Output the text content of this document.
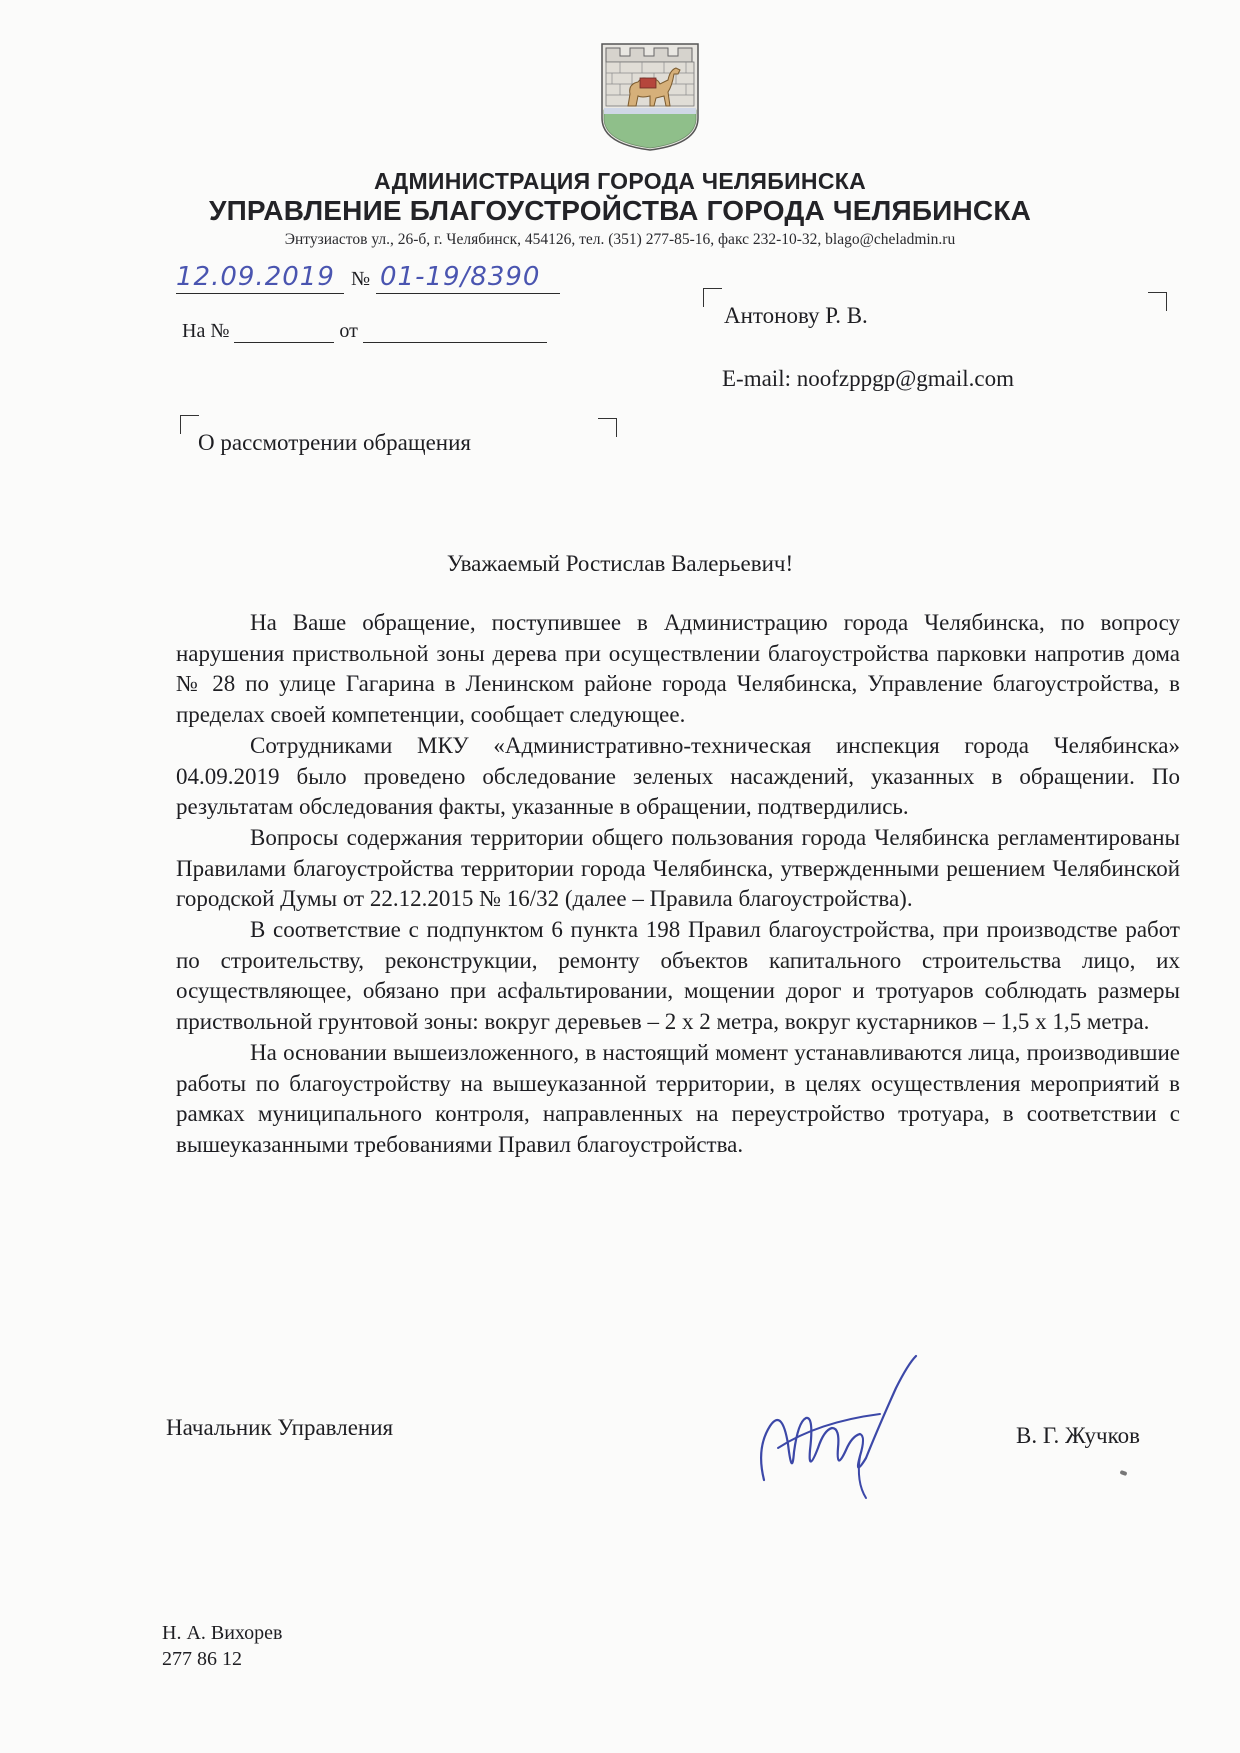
АДМИНИСТРАЦИЯ ГОРОДА ЧЕЛЯБИНСКА
УПРАВЛЕНИЕ БЛАГОУСТРОЙСТВА ГОРОДА ЧЕЛЯБИНСКА
Энтузиастов ул., 26-б, г. Челябинск, 454126, тел. (351) 277-85-16, факс 232-10-32, blago@cheladmin.ru
12.09.2019 № 01-19/8390
На №	от
Антонову Р. В.
E-mail: noofzppgp@gmail.com
О рассмотрении обращения
Уважаемый Ростислав Валерьевич!

На Ваше обращение, поступившее в Администрацию города Челябинска, по вопросу нарушения приствольной зоны дерева при осуществлении благоустройства парковки напротив дома № 28 по улице Гагарина в Ленинском районе города Челябинска, Управление благоустройства, в пределах своей компетенции, сообщает следующее.

Сотрудниками МКУ «Административно-техническая инспекция города Челябинска» 04.09.2019 было проведено обследование зеленых насаждений, указанных в обращении. По результатам обследования факты, указанные в обращении, подтвердились.

Вопросы содержания территории общего пользования города Челябинска регламентированы Правилами благоустройства территории города Челябинска, утвержденными решением Челябинской городской Думы от 22.12.2015 № 16/32 (далее – Правила благоустройства).

В соответствие с подпунктом 6 пункта 198 Правил благоустройства, при производстве работ по строительству, реконструкции, ремонту объектов капитального строительства лицо, их осуществляющее, обязано при асфальтировании, мощении дорог и тротуаров соблюдать размеры приствольной грунтовой зоны: вокруг деревьев – 2 x 2 метра, вокруг кустарников – 1,5 x 1,5 метра.

На основании вышеизложенного, в настоящий момент устанавливаются лица, производившие работы по благоустройству на вышеуказанной территории, в целях осуществления мероприятий в рамках муниципального контроля, направленных на переустройство тротуара, в соответствии с вышеуказанными требованиями Правил благоустройства.

Начальник Управления	В. Г. Жучков
Н. А. Вихорев
277 86 12
